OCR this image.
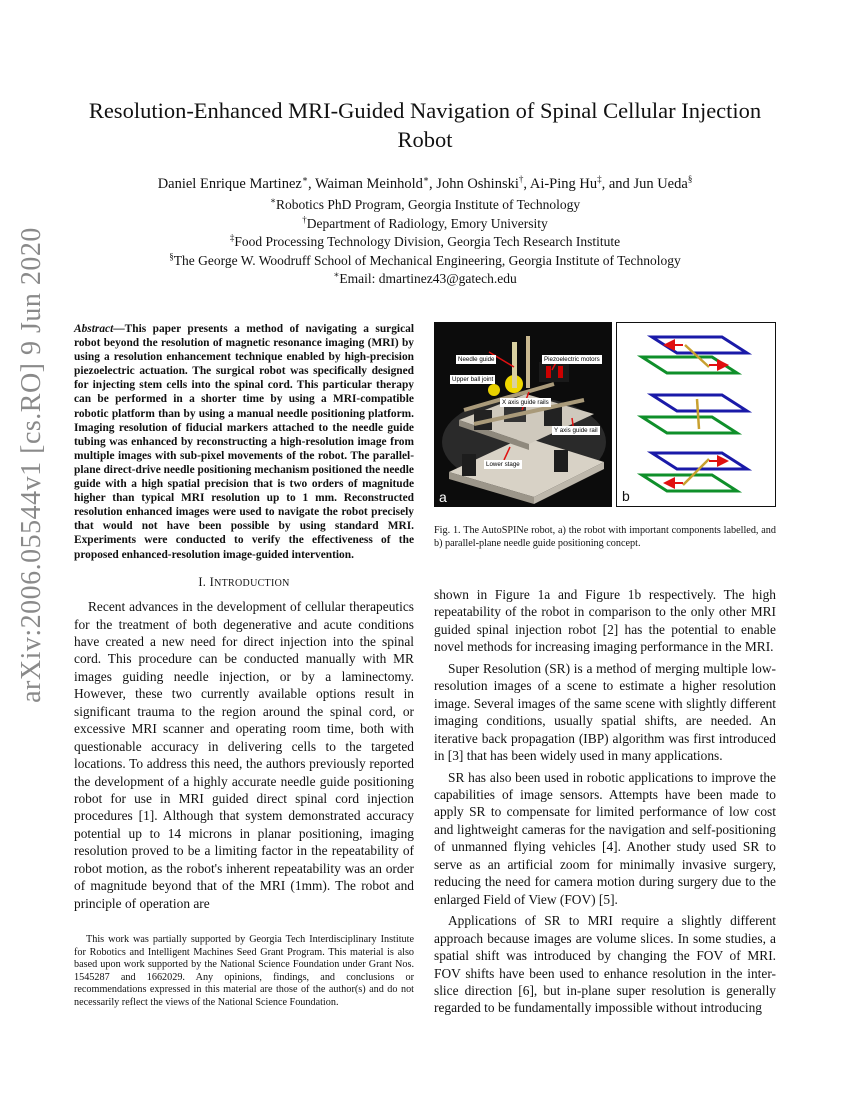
arXiv:2006.05544v1 [cs.RO] 9 Jun 2020
Resolution-Enhanced MRI-Guided Navigation of Spinal Cellular Injection Robot
Daniel Enrique Martinez∗, Waiman Meinhold∗, John Oshinski†, Ai-Ping Hu‡, and Jun Ueda§
∗Robotics PhD Program, Georgia Institute of Technology
†Department of Radiology, Emory University
‡Food Processing Technology Division, Georgia Tech Research Institute
§The George W. Woodruff School of Mechanical Engineering, Georgia Institute of Technology
∗Email: dmartinez43@gatech.edu
Abstract—This paper presents a method of navigating a surgical robot beyond the resolution of magnetic resonance imaging (MRI) by using a resolution enhancement technique enabled by high-precision piezoelectric actuation. The surgical robot was specifically designed for injecting stem cells into the spinal cord. This particular therapy can be performed in a shorter time by using a MRI-compatible robotic platform than by using a manual needle positioning platform. Imaging resolution of fiducial markers attached to the needle guide tubing was enhanced by reconstructing a high-resolution image from multiple images with sub-pixel movements of the robot. The parallel-plane direct-drive needle positioning mechanism positioned the needle guide with a high spatial precision that is two orders of magnitude higher than typical MRI resolution up to 1 mm. Reconstructed resolution enhanced images were used to navigate the robot precisely that would not have been possible by using standard MRI. Experiments were conducted to verify the effectiveness of the proposed enhanced-resolution image-guided intervention.
I. INTRODUCTION

Recent advances in the development of cellular therapeutics for the treatment of both degenerative and acute conditions have created a new need for direct injection into the spinal cord. This procedure can be conducted manually with MR images guiding needle injection, or by a laminectomy. However, these two currently available options result in significant trauma to the region around the spinal cord, or excessive MRI scanner and operating room time, both with questionable accuracy in delivering cells to the targeted locations. To address this need, the authors previously reported the development of a highly accurate needle guide positioning robot for use in MRI guided direct spinal cord injection procedures [1]. Although that system demonstrated accuracy potential up to 14 microns in planar positioning, imaging resolution proved to be a limiting factor in the repeatability of robot motion, as the robot's inherent repeatability was an order of magnitude beyond that of the MRI (1mm). The robot and principle of operation are

This work was partially supported by Georgia Tech Interdisciplinary Institute for Robotics and Intelligent Machines Seed Grant Program. This material is also based upon work supported by the National Science Foundation under Grant Nos. 1545287 and 1662029. Any opinions, findings, and conclusions or recommendations expressed in this material are those of the author(s) and do not necessarily reflect the views of the National Science Foundation.
Needle guide	Piezoelectric motors
Upper ball joint
X axis guide rails
Y axis guide rail
Lower stage
a	b
Fig. 1. The AutoSPINe robot, a) the robot with important components labelled, and b) parallel-plane needle guide positioning concept.

shown in Figure 1a and Figure 1b respectively. The high repeatability of the robot in comparison to the only other MRI guided spinal injection robot [2] has the potential to enable novel methods for increasing imaging performance in the MRI.

Super Resolution (SR) is a method of merging multiple low-resolution images of a scene to estimate a higher resolution image. Several images of the same scene with slightly different imaging conditions, usually spatial shifts, are needed. An iterative back propagation (IBP) algorithm was first introduced in [3] that has been widely used in many applications.

SR has also been used in robotic applications to improve the capabilities of image sensors. Attempts have been made to apply SR to compensate for limited performance of low cost and lightweight cameras for the navigation and self-positioning of unmanned flying vehicles [4]. Another study used SR to serve as an artificial zoom for minimally invasive surgery, reducing the need for camera motion during surgery due to the enlarged Field of View (FOV) [5].

Applications of SR to MRI require a slightly different approach because images are volume slices. In some studies, a spatial shift was introduced by changing the FOV of MRI. FOV shifts have been used to enhance resolution in the inter-slice direction [6], but in-plane super resolution is generally regarded to be fundamentally impossible without introducing
